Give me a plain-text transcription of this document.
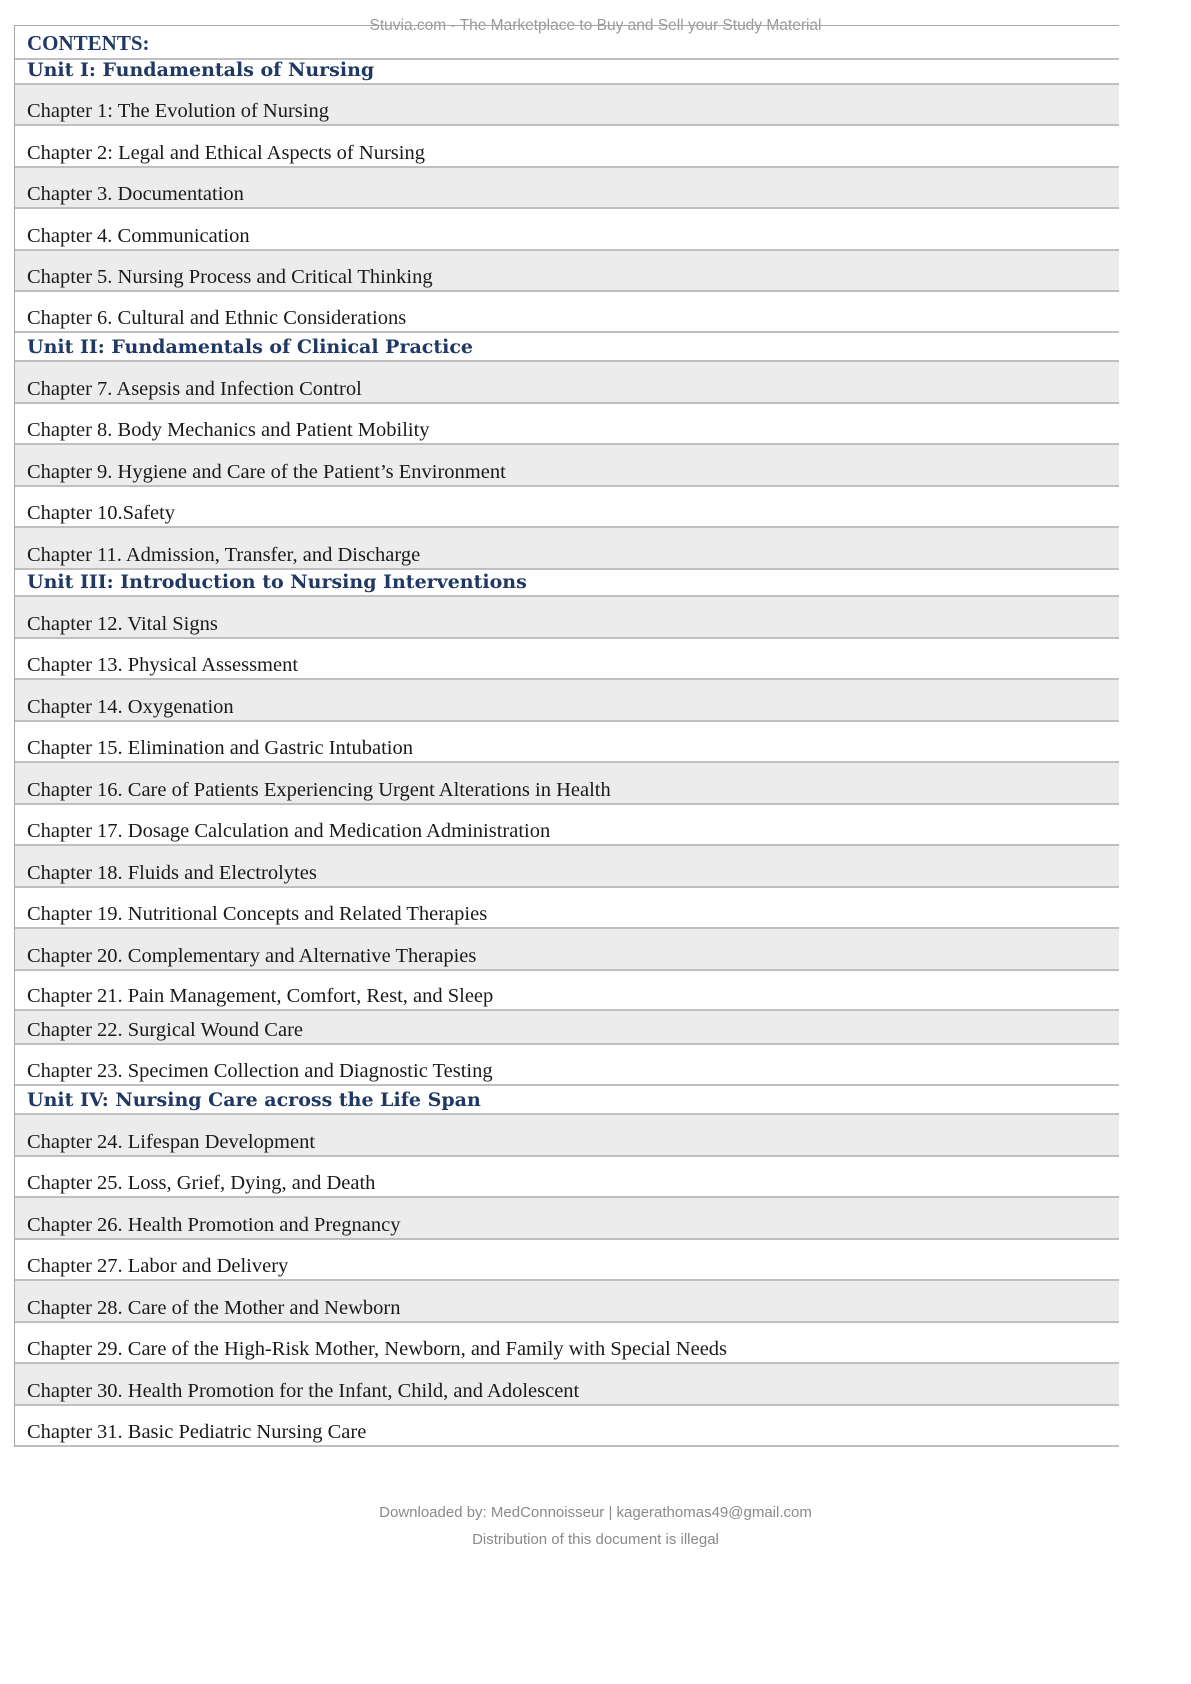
Stuvia.com - The Marketplace to Buy and Sell your Study Material
CONTENTS:
Unit I: Fundamentals of Nursing
Chapter 1: The Evolution of Nursing
Chapter 2: Legal and Ethical Aspects of Nursing
Chapter 3. Documentation
Chapter 4. Communication
Chapter 5. Nursing Process and Critical Thinking
Chapter 6. Cultural and Ethnic Considerations
Unit II: Fundamentals of Clinical Practice
Chapter 7. Asepsis and Infection Control
Chapter 8. Body Mechanics and Patient Mobility
Chapter 9. Hygiene and Care of the Patient’s Environment
Chapter 10.Safety
Chapter 11. Admission, Transfer, and Discharge
Unit III: Introduction to Nursing Interventions
Chapter 12. Vital Signs
Chapter 13. Physical Assessment
Chapter 14. Oxygenation
Chapter 15. Elimination and Gastric Intubation
Chapter 16. Care of Patients Experiencing Urgent Alterations in Health
Chapter 17. Dosage Calculation and Medication Administration
Chapter 18. Fluids and Electrolytes
Chapter 19. Nutritional Concepts and Related Therapies
Chapter 20. Complementary and Alternative Therapies
Chapter 21. Pain Management, Comfort, Rest, and Sleep
Chapter 22. Surgical Wound Care
Chapter 23. Specimen Collection and Diagnostic Testing
Unit IV: Nursing Care across the Life Span
Chapter 24. Lifespan Development
Chapter 25. Loss, Grief, Dying, and Death
Chapter 26. Health Promotion and Pregnancy
Chapter 27. Labor and Delivery
Chapter 28. Care of the Mother and Newborn
Chapter 29. Care of the High-Risk Mother, Newborn, and Family with Special Needs
Chapter 30. Health Promotion for the Infant, Child, and Adolescent
Chapter 31. Basic Pediatric Nursing Care
Downloaded by: MedConnoisseur | kagerathomas49@gmail.com
Distribution of this document is illegal
